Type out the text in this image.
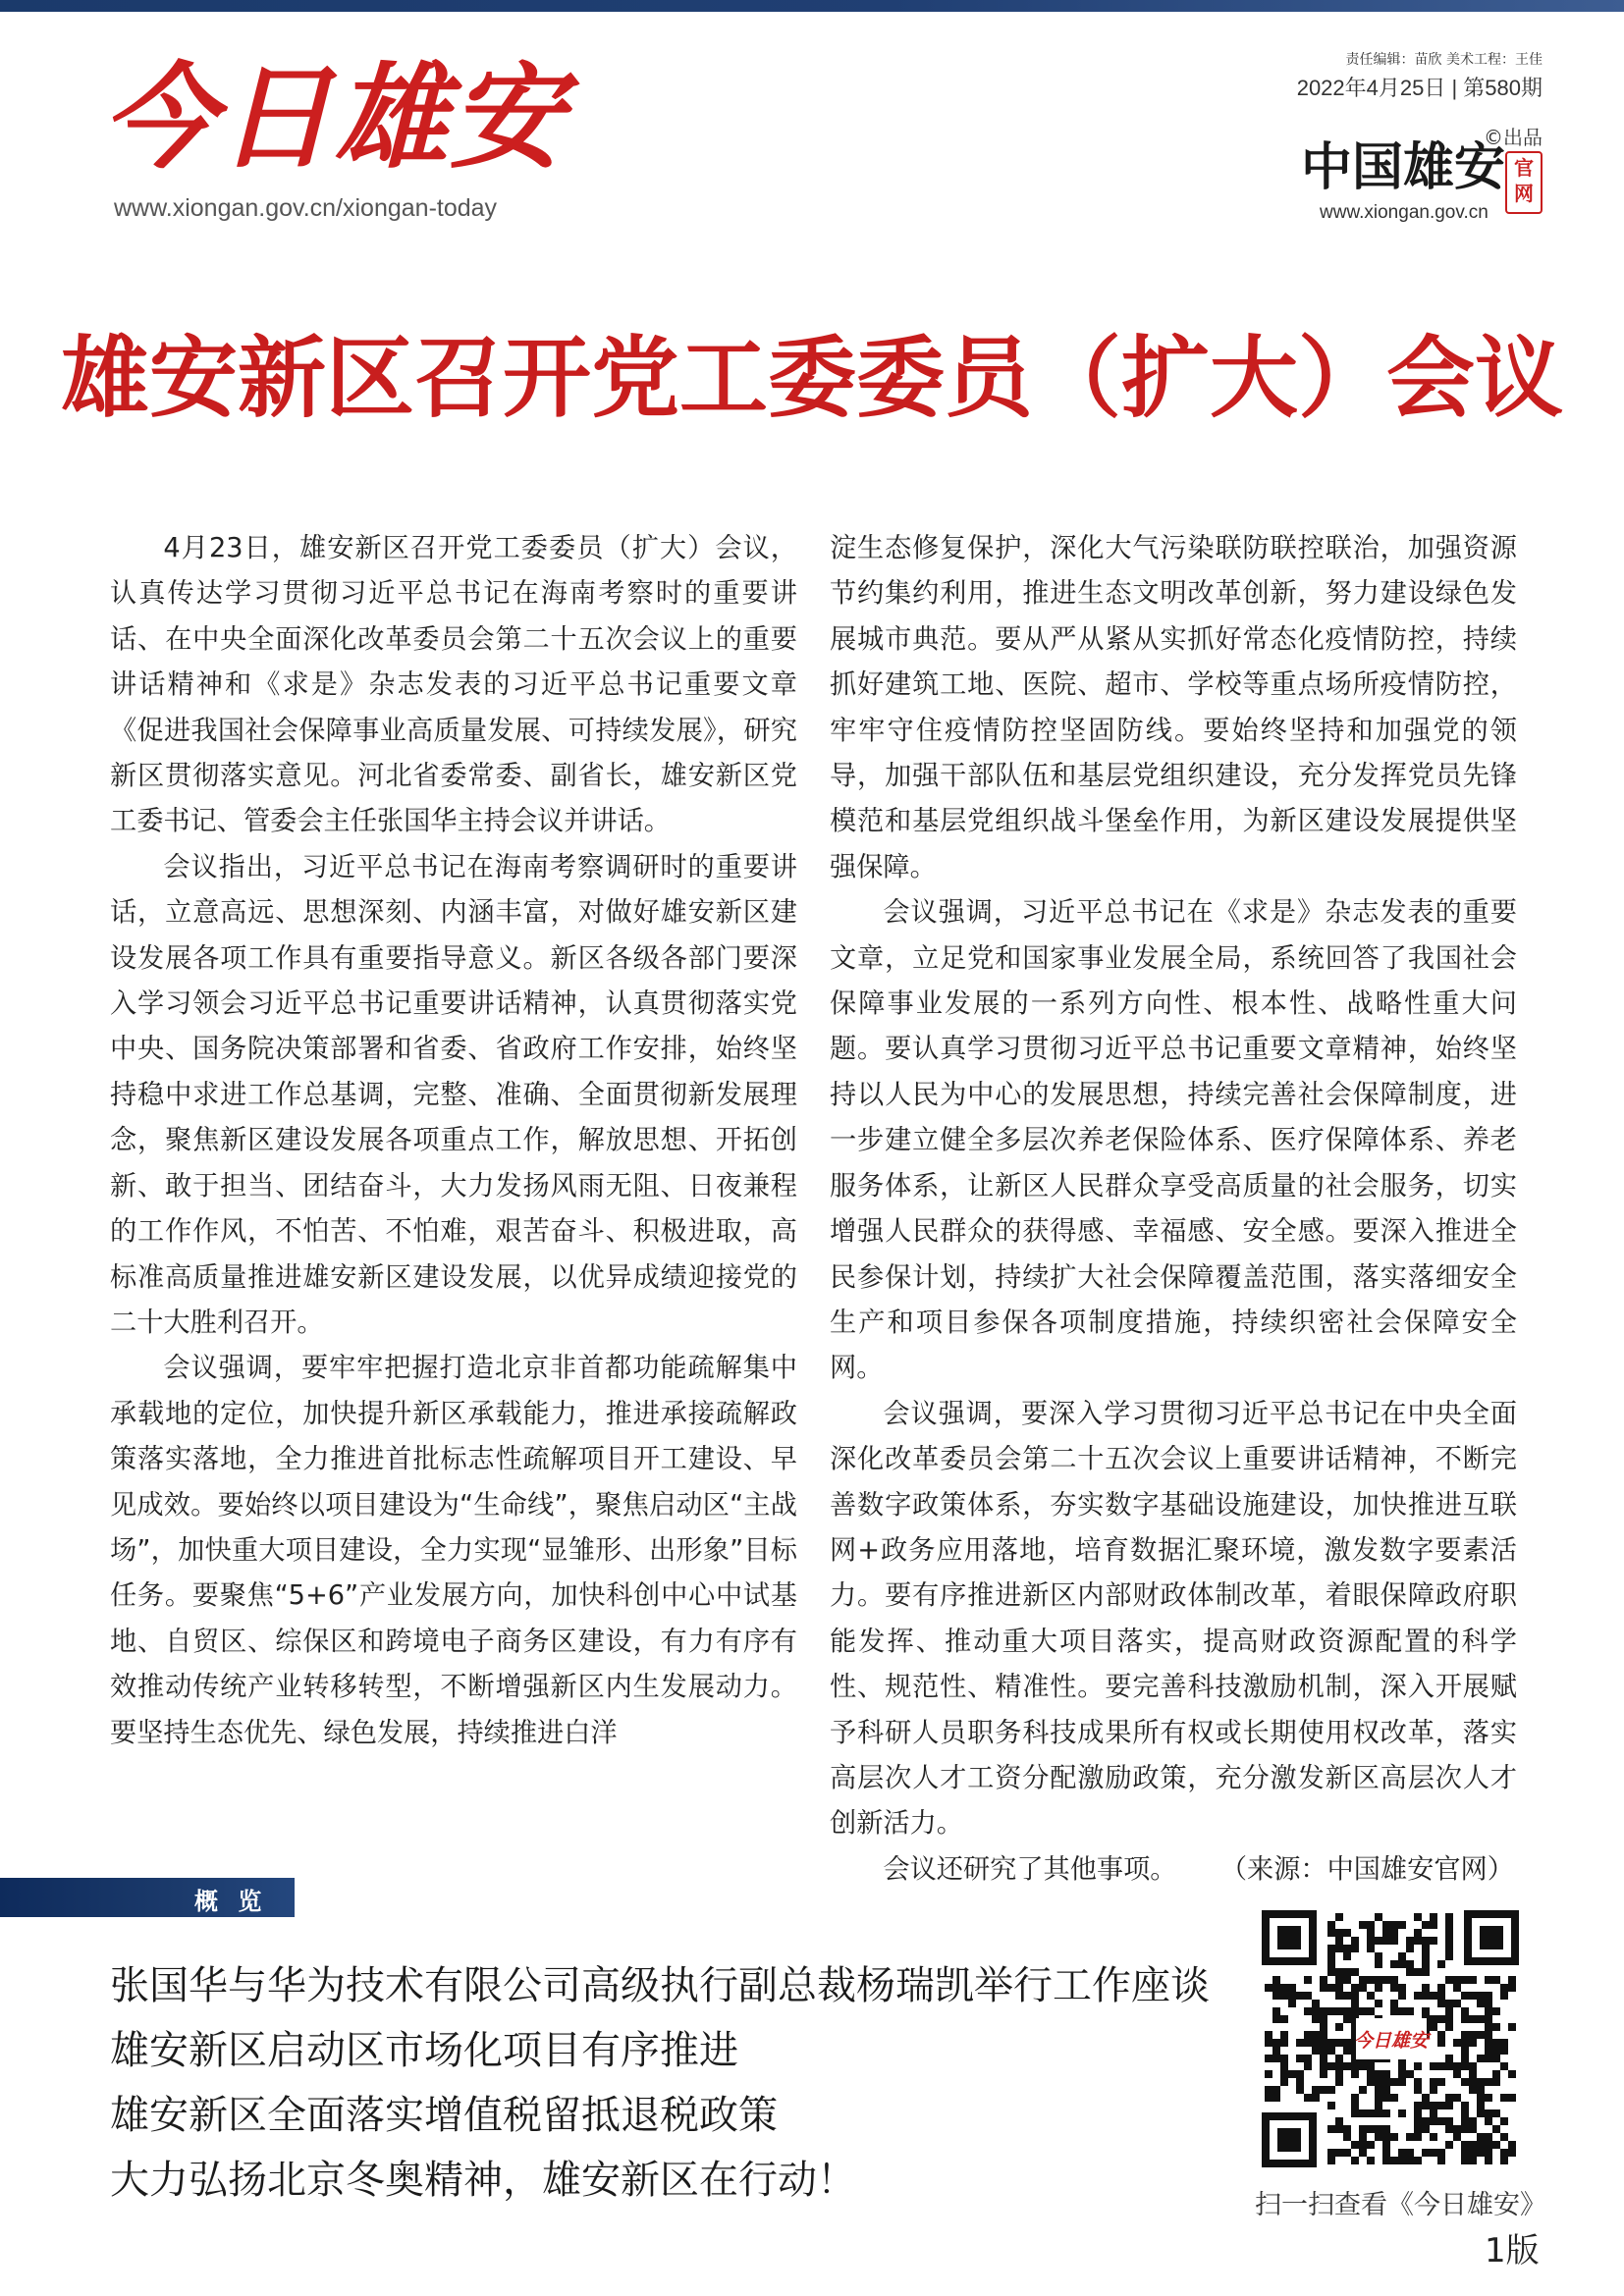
今日雄安
www.xiongan.gov.cn/xiongan-today
责任编辑：苗欣 美术工程：王佳
2022年4月25日 | 第580期
©出品
中国雄安 官网
www.xiongan.gov.cn
雄安新区召开党工委委员（扩大）会议

4月23日，雄安新区召开党工委委员（扩大）会议，认真传达学习贯彻习近平总书记在海南考察时的重要讲话、在中央全面深化改革委员会第二十五次会议上的重要讲话精神和《求是》杂志发表的习近平总书记重要文章《促进我国社会保障事业高质量发展、可持续发展》，研究新区贯彻落实意见。河北省委常委、副省长，雄安新区党工委书记、管委会主任张国华主持会议并讲话。

会议指出，习近平总书记在海南考察调研时的重要讲话，立意高远、思想深刻、内涵丰富，对做好雄安新区建设发展各项工作具有重要指导意义。新区各级各部门要深入学习领会习近平总书记重要讲话精神，认真贯彻落实党中央、国务院决策部署和省委、省政府工作安排，始终坚持稳中求进工作总基调，完整、准确、全面贯彻新发展理念，聚焦新区建设发展各项重点工作，解放思想、开拓创新、敢于担当、团结奋斗，大力发扬风雨无阻、日夜兼程的工作作风，不怕苦、不怕难，艰苦奋斗、积极进取，高标准高质量推进雄安新区建设发展，以优异成绩迎接党的二十大胜利召开。

会议强调，要牢牢把握打造北京非首都功能疏解集中承载地的定位，加快提升新区承载能力，推进承接疏解政策落实落地，全力推进首批标志性疏解项目开工建设、早见成效。要始终以项目建设为“生命线”，聚焦启动区“主战场”，加快重大项目建设，全力实现“显雏形、出形象”目标任务。要聚焦“5+6”产业发展方向，加快科创中心中试基地、自贸区、综保区和跨境电子商务区建设，有力有序有效推动传统产业转移转型，不断增强新区内生发展动力。要坚持生态优先、绿色发展，持续推进白洋

淀生态修复保护，深化大气污染联防联控联治，加强资源节约集约利用，推进生态文明改革创新，努力建设绿色发展城市典范。要从严从紧从实抓好常态化疫情防控，持续抓好建筑工地、医院、超市、学校等重点场所疫情防控，牢牢守住疫情防控坚固防线。要始终坚持和加强党的领导，加强干部队伍和基层党组织建设，充分发挥党员先锋模范和基层党组织战斗堡垒作用，为新区建设发展提供坚强保障。

会议强调，习近平总书记在《求是》杂志发表的重要文章，立足党和国家事业发展全局，系统回答了我国社会保障事业发展的一系列方向性、根本性、战略性重大问题。要认真学习贯彻习近平总书记重要文章精神，始终坚持以人民为中心的发展思想，持续完善社会保障制度，进一步建立健全多层次养老保险体系、医疗保障体系、养老服务体系，让新区人民群众享受高质量的社会服务，切实增强人民群众的获得感、幸福感、安全感。要深入推进全民参保计划，持续扩大社会保障覆盖范围，落实落细安全生产和项目参保各项制度措施，持续织密社会保障安全网。

会议强调，要深入学习贯彻习近平总书记在中央全面深化改革委员会第二十五次会议上重要讲话精神，不断完善数字政策体系，夯实数字基础设施建设，加快推进互联网+政务应用落地，培育数据汇聚环境，激发数字要素活力。要有序推进新区内部财政体制改革，着眼保障政府职能发挥、推动重大项目落实，提高财政资源配置的科学性、规范性、精准性。要完善科技激励机制，深入开展赋予科研人员职务科技成果所有权或长期使用权改革，落实高层次人才工资分配激励政策，充分激发新区高层次人才创新活力。

会议还研究了其他事项。 （来源：中国雄安官网）

概 览
张国华与华为技术有限公司高级执行副总裁杨瑞凯举行工作座谈
雄安新区启动区市场化项目有序推进
雄安新区全面落实增值税留抵退税政策
大力弘扬北京冬奥精神，雄安新区在行动！
今日雄安
扫一扫查看《今日雄安》
1版
